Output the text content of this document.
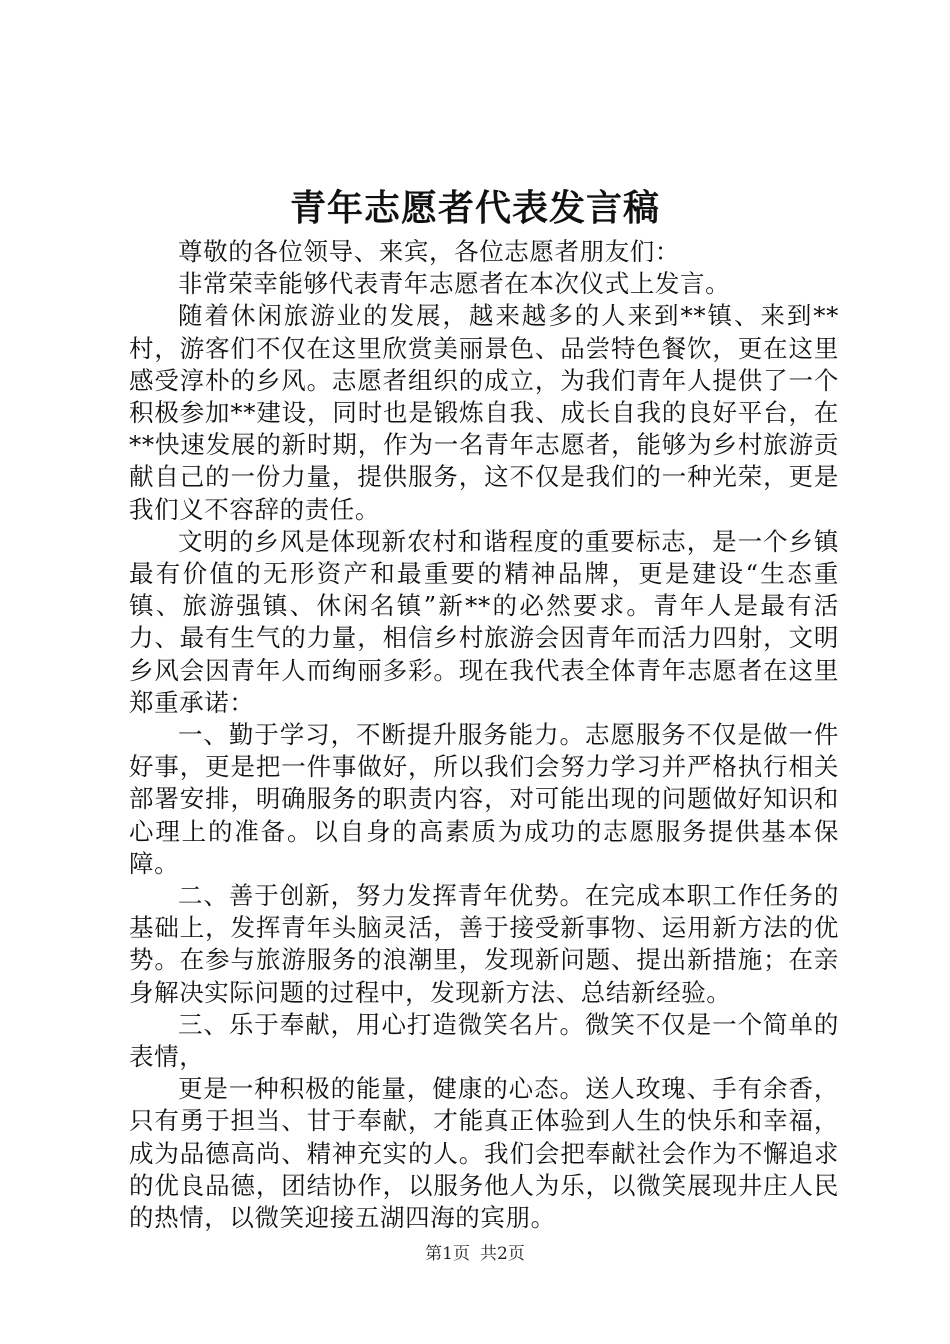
青年志愿者代表发言稿

尊敬的各位领导、来宾，各位志愿者朋友们：

非常荣幸能够代表青年志愿者在本次仪式上发言。

随着休闲旅游业的发展，越来越多的人来到**镇、来到**村，游客们不仅在这里欣赏美丽景色、品尝特色餐饮，更在这里感受淳朴的乡风。志愿者组织的成立，为我们青年人提供了一个积极参加**建设，同时也是锻炼自我、成长自我的良好平台，在**快速发展的新时期，作为一名青年志愿者，能够为乡村旅游贡献自己的一份力量，提供服务，这不仅是我们的一种光荣，更是我们义不容辞的责任。

文明的乡风是体现新农村和谐程度的重要标志，是一个乡镇最有价值的无形资产和最重要的精神品牌，更是建设“生态重镇、旅游强镇、休闲名镇”新**的必然要求。青年人是最有活力、最有生气的力量，相信乡村旅游会因青年而活力四射，文明乡风会因青年人而绚丽多彩。现在我代表全体青年志愿者在这里郑重承诺：

一、勤于学习，不断提升服务能力。志愿服务不仅是做一件好事，更是把一件事做好，所以我们会努力学习并严格执行相关部署安排，明确服务的职责内容，对可能出现的问题做好知识和心理上的准备。以自身的高素质为成功的志愿服务提供基本保障。

二、善于创新，努力发挥青年优势。在完成本职工作任务的基础上，发挥青年头脑灵活，善于接受新事物、运用新方法的优势。在参与旅游服务的浪潮里，发现新问题、提出新措施；在亲身解决实际问题的过程中，发现新方法、总结新经验。

三、乐于奉献，用心打造微笑名片。微笑不仅是一个简单的表情，

更是一种积极的能量，健康的心态。送人玫瑰、手有余香，只有勇于担当、甘于奉献，才能真正体验到人生的快乐和幸福，成为品德高尚、精神充实的人。我们会把奉献社会作为不懈追求的优良品德，团结协作，以服务他人为乐，以微笑展现井庄人民的热情，以微笑迎接五湖四海的宾朋。

第1页 共2页
